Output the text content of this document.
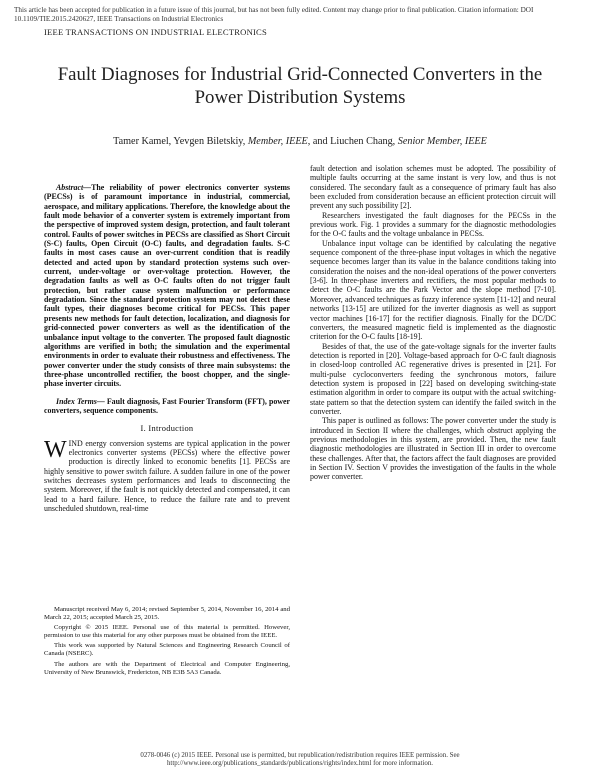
This article has been accepted for publication in a future issue of this journal, but has not been fully edited. Content may change prior to final publication. Citation information: DOI 10.1109/TIE.2015.2420627, IEEE Transactions on Industrial Electronics
IEEE TRANSACTIONS ON INDUSTRIAL ELECTRONICS
Fault Diagnoses for Industrial Grid-Connected Converters in the Power Distribution Systems
Tamer Kamel, Yevgen Biletskiy, Member, IEEE, and Liuchen Chang, Senior Member, IEEE

Abstract—The reliability of power electronics converter systems (PECSs) is of paramount importance in industrial, commercial, aerospace, and military applications. Therefore, the knowledge about the fault mode behavior of a converter system is extremely important from the perspective of improved system design, protection, and fault tolerant control. Faults of power switches in PECSs are classified as Short Circuit (S-C) faults, Open Circuit (O-C) faults, and degradation faults. S-C faults in most cases cause an over-current condition that is readily detected and acted upon by standard protection systems such over-current, under-voltage or over-voltage protection. However, the degradation faults as well as O-C faults often do not trigger fault protection, but rather cause system malfunction or performance degradation. Since the standard protection system may not detect these fault types, their diagnoses become critical for PECSs. This paper presents new methods for fault detection, localization, and diagnosis for grid-connected power converters as well as the identification of the unbalance input voltage to the converter. The proposed fault diagnostic algorithms are verified in both; the simulation and the experimental environments in order to evaluate their robustness and effectiveness. The power converter under the study consists of three main subsystems: the three-phase uncontrolled rectifier, the boost chopper, and the single-phase inverter circuits.

Index Terms— Fault diagnosis, Fast Fourier Transform (FFT), power converters, sequence components.

I. Introduction

WIND energy conversion systems are typical application in the power electronics converter systems (PECSs) where the effective power production is directly linked to economic benefits [1]. PECSs are highly sensitive to power switch failure. A sudden failure in one of the power switches decreases system performances and leads to disconnecting the system. Moreover, if the fault is not quickly detected and compensated, it can lead to a hard failure. Hence, to reduce the failure rate and to prevent unscheduled shutdown, real-time

fault detection and isolation schemes must be adopted. The possibility of multiple faults occurring at the same instant is very low, and thus is not considered. The secondary fault as a consequence of primary fault has also been excluded from consideration because an efficient protection circuit will prevent any such possibility [2].

Researchers investigated the fault diagnoses for the PECSs in the previous work. Fig. 1 provides a summary for the diagnostic methodologies for the O-C faults and the voltage unbalance in PECSs.

Unbalance input voltage can be identified by calculating the negative sequence component of the three-phase input voltages in which the negative sequence becomes larger than its value in the balance conditions taking into consideration the noises and the non-ideal operations of the power converters [3-6]. In three-phase inverters and rectifiers, the most popular methods to detect the O-C faults are the Park Vector and the slope method [7-10]. Moreover, advanced techniques as fuzzy inference system [11-12] and neural networks [13-15] are utilized for the inverter diagnosis as well as support vector machines [16-17] for the rectifier diagnosis. Finally for the DC/DC converters, the measured magnetic field is implemented as the diagnostic criterion for the O-C faults [18-19].

Besides of that, the use of the gate-voltage signals for the inverter faults detection is reported in [20]. Voltage-based approach for O-C fault diagnosis in closed-loop controlled AC regenerative drives is presented in [21]. For multi-pulse cycloconverters feeding the synchronous motors, failure detection system is proposed in [22] based on developing switching-state estimation algorithm in order to compare its output with the actual switching-state pattern so that the detection system can identify the failed switch in the converter.

This paper is outlined as follows: The power converter under the study is introduced in Section II where the challenges, which obstruct applying the previous methodologies in this system, are provided. Then, the new fault diagnostic methodologies are illustrated in Section III in order to overcome these challenges. After that, the factors affect the fault diagnoses are provided in Section IV. Section V provides the investigation of the faults in the whole power converter.

Manuscript received May 6, 2014; revised September 5, 2014, November 16, 2014 and March 22, 2015; accepted March 25, 2015.

Copyright © 2015 IEEE. Personal use of this material is permitted. However, permission to use this material for any other purposes must be obtained from the IEEE.

This work was supported by Natural Sciences and Engineering Research Council of Canada (NSERC).

The authors are with the Department of Electrical and Computer Engineering, University of New Brunswick, Fredericton, NB E3B 5A3 Canada.

0278-0046 (c) 2015 IEEE. Personal use is permitted, but republication/redistribution requires IEEE permission. See
http://www.ieee.org/publications_standards/publications/rights/index.html for more information.
